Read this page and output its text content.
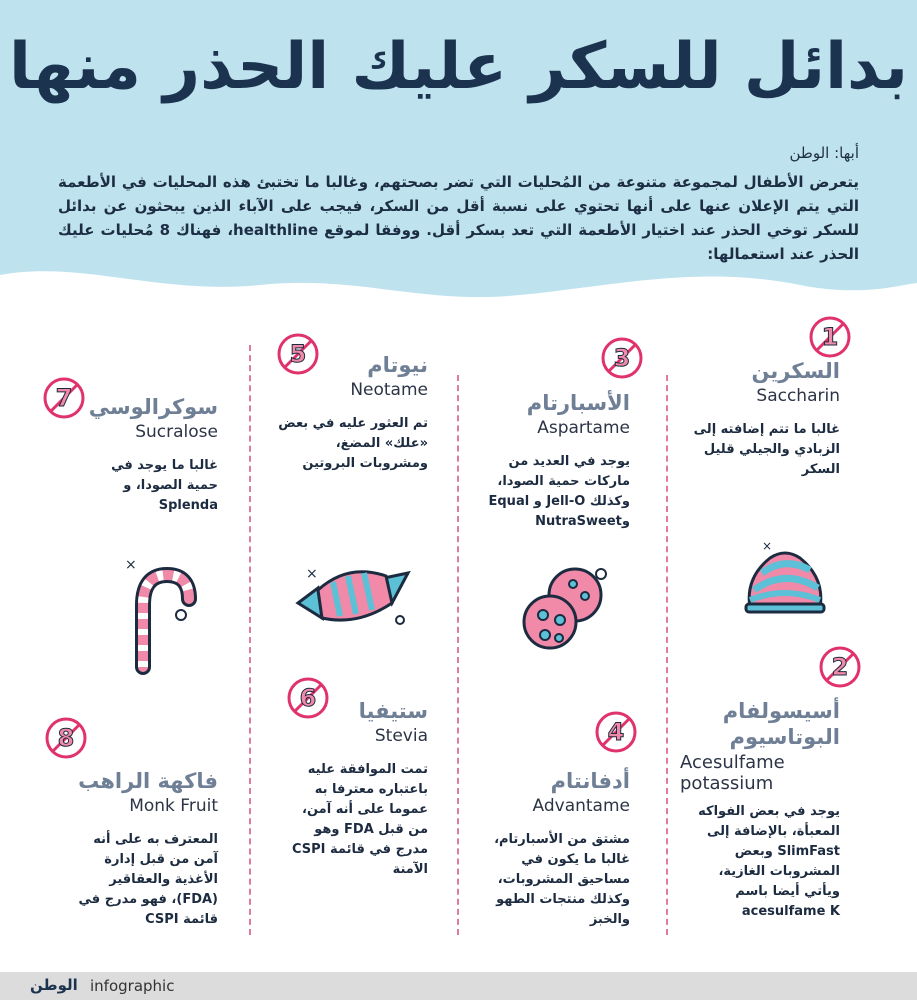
بدائل للسكر عليك الحذر منها
أبها: الوطن
يتعرض الأطفال لمجموعة متنوعة من المُحليات التي تضر بصحتهم، وغالبا ما تختبئ هذه المحليات في الأطعمة التي يتم الإعلان عنها على أنها تحتوي على نسبة أقل من السكر، فيجب على الآباء الذين يبحثون عن بدائل للسكر توخي الحذر عند اختيار الأطعمة التي تعد بسكر أقل. ووفقا لموقع healthline، فهناك 8 مُحليات عليك الحذر عند استعمالها:
1
2
3
4
5
6
7
8
السكرين
Saccharin
غالبا ما تتم إضافته إلى الزبادي والجيلي قليل السكر
أسيسولفام البوتاسيوم
Acesulfame potassium
يوجد في بعض الفواكه المعبأة، بالإضافة إلى SlimFast وبعض المشروبات الغازية، ويأتي أيضا باسم acesulfame K
الأسبارتام
Aspartame
يوجد في العديد من ماركات حمية الصودا، وكذلك Jell-O و Equal وNutraSweet
أدفانتام
Advantame
مشتق من الأسبارتام، غالبا ما يكون في مساحيق المشروبات، وكذلك منتجات الطهو والخبز
نيوتام
Neotame
تم العثور عليه في بعض «علك» المضغ، ومشروبات البروتين
ستيفيا
Stevia
تمت الموافقة عليه باعتباره معترفا به عموما على أنه آمن، من قبل FDA وهو مدرج في قائمة CSPI الآمنة
سوكرالوسي
Sucralose
غالبا ما يوجد في حمية الصودا، و Splenda
فاكهة الراهب
Monk Fruit
المعترف به على أنه آمن من قبل إدارة الأغذية والعقاقير (FDA)، فهو مدرج في قائمة CSPI
×
×
×
الوطن infographic
